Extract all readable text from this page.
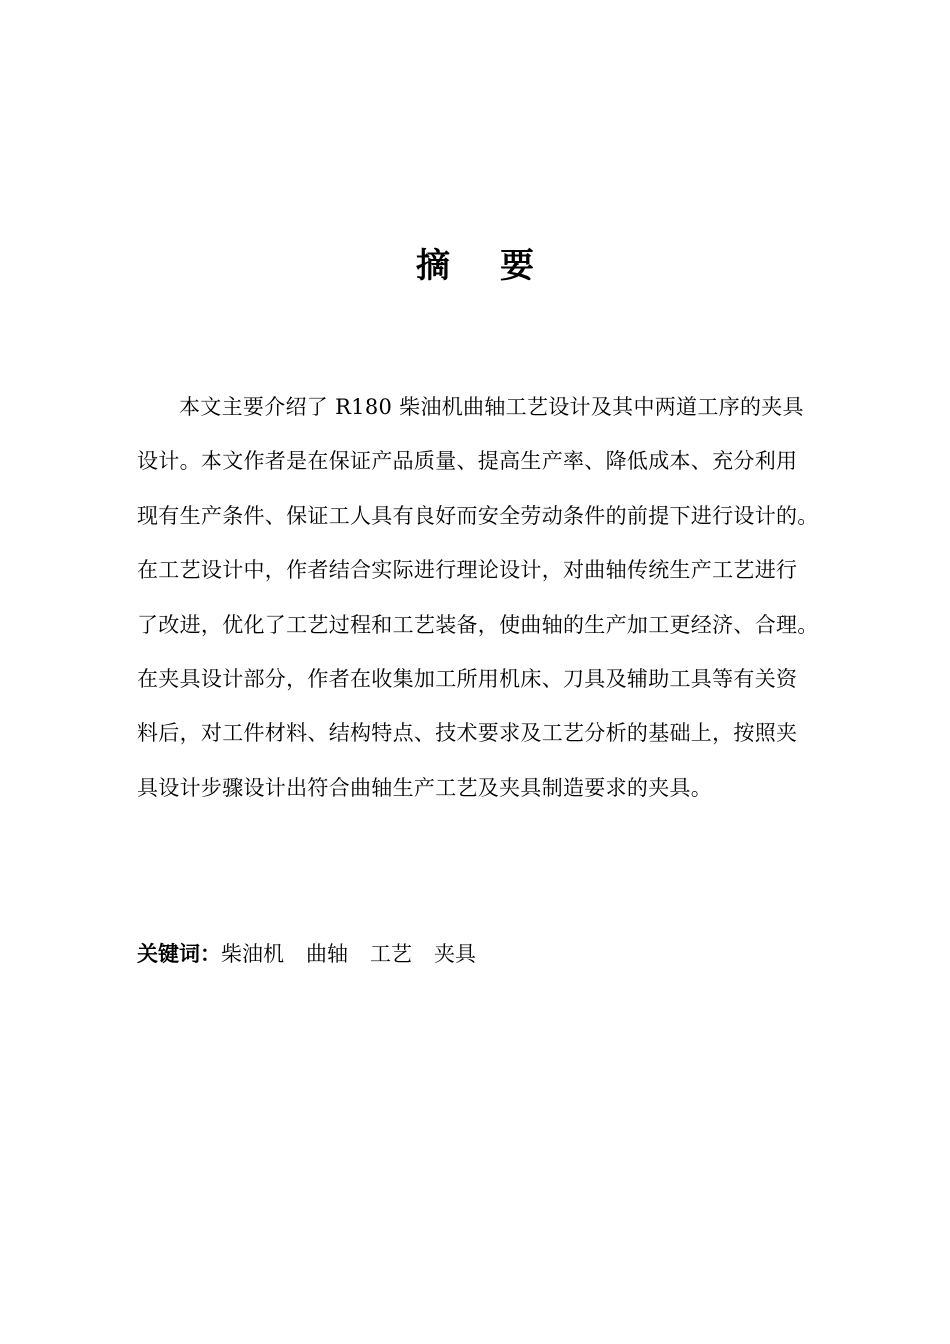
摘 要
本文主要介绍了 R180 柴油机曲轴工艺设计及其中两道工序的夹具
设计。本文作者是在保证产品质量、提高生产率、降低成本、充分利用
现有生产条件、保证工人具有良好而安全劳动条件的前提下进行设计的。
在工艺设计中，作者结合实际进行理论设计，对曲轴传统生产工艺进行
了改进，优化了工艺过程和工艺装备，使曲轴的生产加工更经济、合理。
在夹具设计部分，作者在收集加工所用机床、刀具及辅助工具等有关资
料后，对工件材料、结构特点、技术要求及工艺分析的基础上，按照夹
具设计步骤设计出符合曲轴生产工艺及夹具制造要求的夹具。
关键词：柴油机 曲轴 工艺 夹具
